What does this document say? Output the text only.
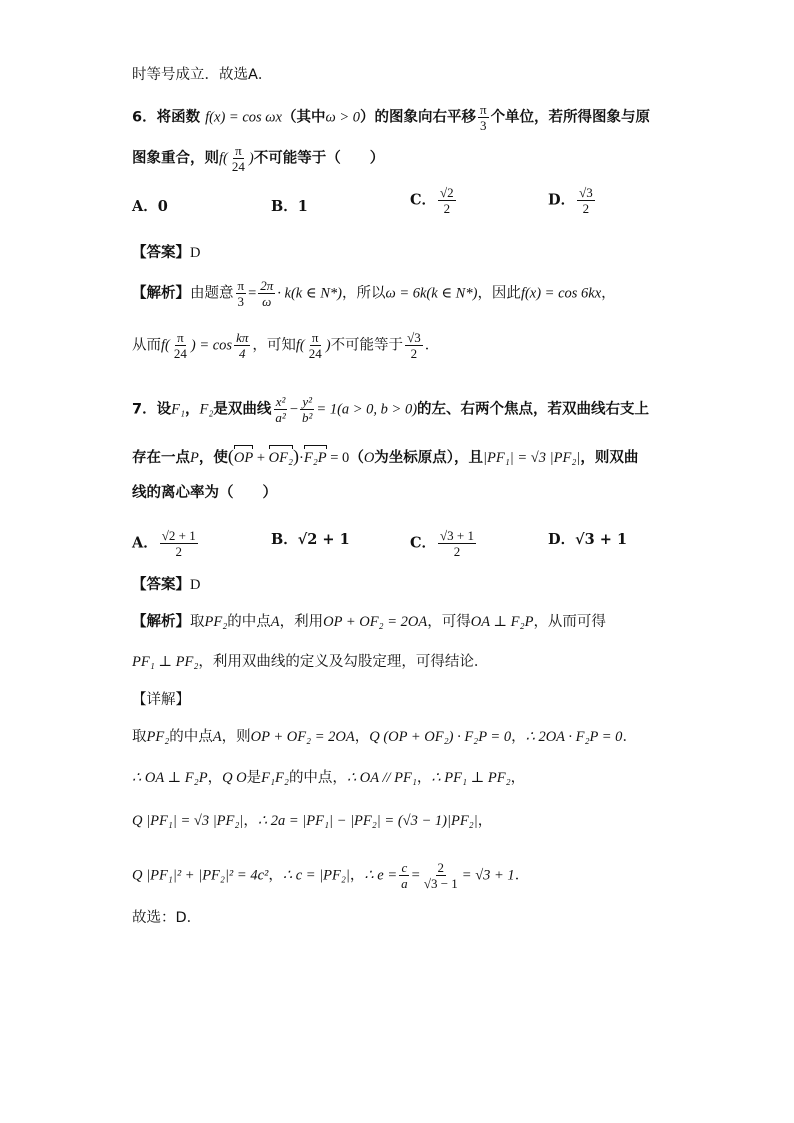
时等号成立．故选A．
6．将函数 f(x) = cos ωx（其中ω > 0）的图象向右平移 $\frac{\pi}{3}$ 个单位，若所得图象与原
图象重合，则$f( \frac{\pi}{24}$ )不可能等于（　　）
A．0	B．1	C． $\frac{√2}{2}$	D． $\frac{√3}{2}$
【答案】D
【解析】由题意 $\frac{\pi}{3} = \frac{2\pi}{\omega} \cdot k(k$ ∈ N*)，所以ω = 6k(k ∈ N*)，因此f(x) = cos 6kx，
从而$f( \frac{\pi}{24}$ ) = $\cos \frac{k\pi}{4}$ ，可知$f( \frac{\pi}{24}$ )不可能等于 $\frac{√3}{2}$ ．
7．设F₁，F₂是双曲线 $\frac{\text{x²}}{\text{a²}} - \frac{\text{y²}}{\text{b²}} = 1(a > 0$, b > 0)的左、右两个焦点，若双曲线右支上
存在一点P，使(OP + OF₂)·F₂P = 0（O为坐标原点），且|PF₁| = √3 |PF₂|，则双曲
线的离心率为（　　）
A． $\frac{√2 + 1}{2}$	B．√2 + 1	C． $\frac{√3 + 1}{2}$	D．√3 + 1
【答案】D
【解析】取PF₂的中点A，利用OP + OF₂ = 2OA，可得OA ⊥ F₂P，从而可得
PF₁ ⊥ PF₂，利用双曲线的定义及勾股定理，可得结论．
【详解】
取PF₂的中点A，则OP + OF₂ = 2OA，Q (OP + OF₂) · F₂P = 0，∴ 2OA · F₂P = 0．
∴ OA ⊥ F₂P，Q O是F₁F₂的中点，∴ OA // PF₁，∴ PF₁ ⊥ PF₂，
Q |PF₁| = √3 |PF₂|，∴ 2a = |PF₁| − |PF₂| = (√3 − 1)|PF₂|，
Q |PF₁|² + |PF₂|² = 4c²，∴ c = |PF₂|，∴ $e = \frac{c}{a} = \frac{2}{√3 - 1} = √3 + 1$．
故选：D．
